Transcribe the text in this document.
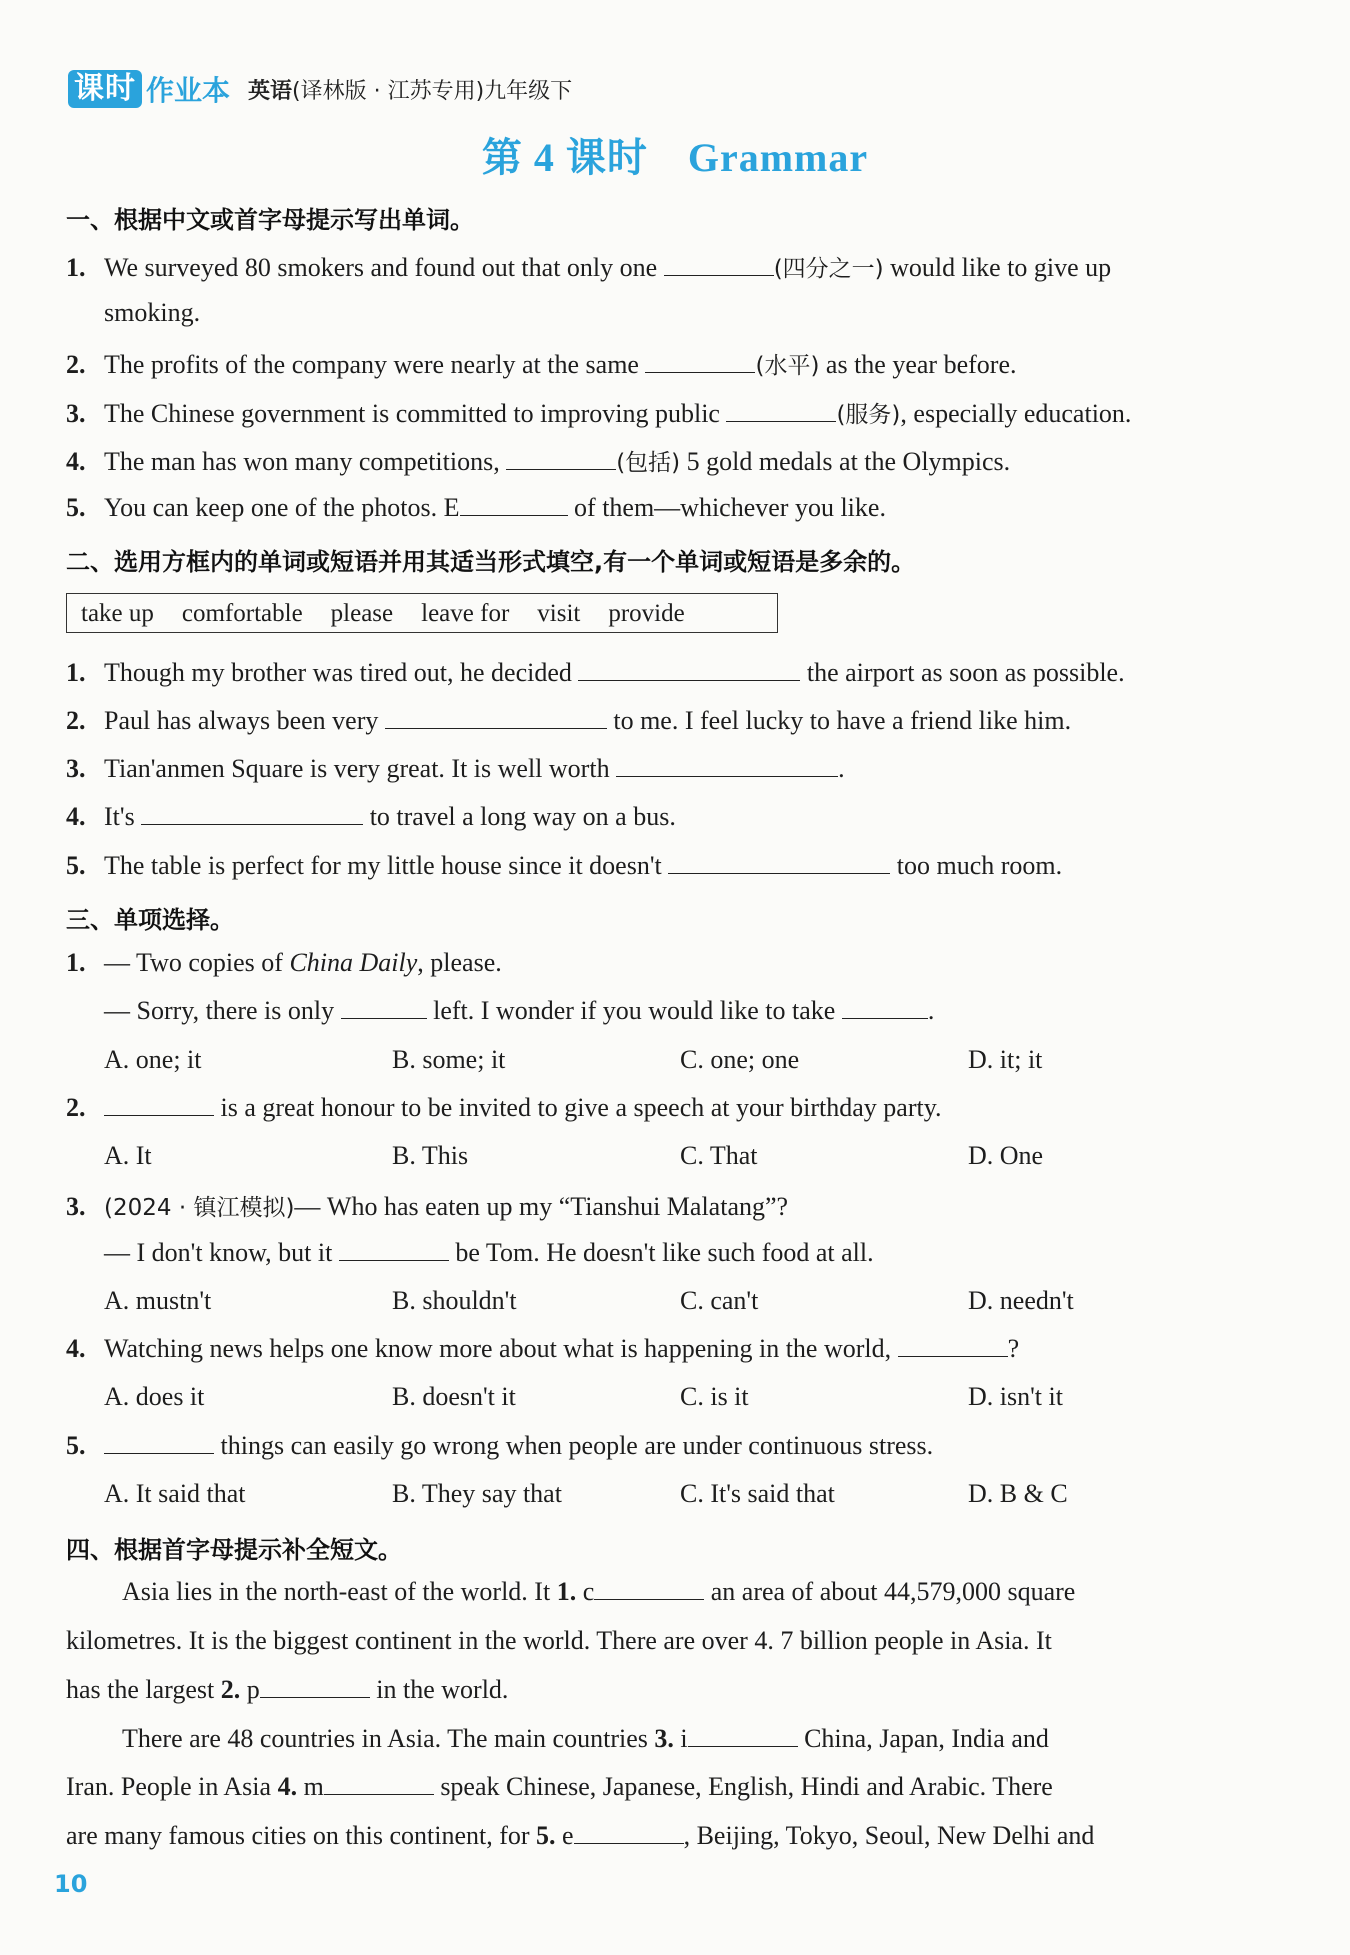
课时 作业本 英语(译林版 · 江苏专用)九年级下
第 4 课时 Grammar
一、根据中文或首字母提示写出单词。
1. We surveyed 80 smokers and found out that only one	(四分之一) would like to give up
smoking.
2. The profits of the company were nearly at the same	(水平) as the year before.
3. The Chinese government is committed to improving public	(服务), especially education.
4. The man has won many competitions,	(包括) 5 gold medals at the Olympics.
5. You can keep one of the photos. E	of them—whichever you like.
二、选用方框内的单词或短语并用其适当形式填空,有一个单词或短语是多余的。
take up comfortable please leave for visit provide
1. Though my brother was tired out, he decided	the airport as soon as possible.
2. Paul has always been very	to me. I feel lucky to have a friend like him.
3. Tian'anmen Square is very great. It is well worth	.
4. It's	to travel a long way on a bus.
5. The table is perfect for my little house since it doesn't	too much room.
三、单项选择。
1. — Two copies of China Daily, please.
— Sorry, there is only	left. I wonder if you would like to take	.
A. one; it	B. some; it	C. one; one	D. it; it
2.	is a great honour to be invited to give a speech at your birthday party.
A. It	B. This	C. That	D. One
3. (2024 · 镇江模拟)— Who has eaten up my “Tianshui Malatang”?
— I don't know, but it	be Tom. He doesn't like such food at all.
A. mustn't	B. shouldn't	C. can't	D. needn't
4. Watching news helps one know more about what is happening in the world,	?
A. does it	B. doesn't it	C. is it	D. isn't it
5.	things can easily go wrong when people are under continuous stress.
A. It said that	B. They say that	C. It's said that	D. B & C
四、根据首字母提示补全短文。
Asia lies in the north-east of the world. It 1. c	an area of about 44,579,000 square
kilometres. It is the biggest continent in the world. There are over 4. 7 billion people in Asia. It
has the largest 2. p	in the world.
There are 48 countries in Asia. The main countries 3. i	China, Japan, India and
Iran. People in Asia 4. m	speak Chinese, Japanese, English, Hindi and Arabic. There
are many famous cities on this continent, for 5. e	, Beijing, Tokyo, Seoul, New Delhi and
10
